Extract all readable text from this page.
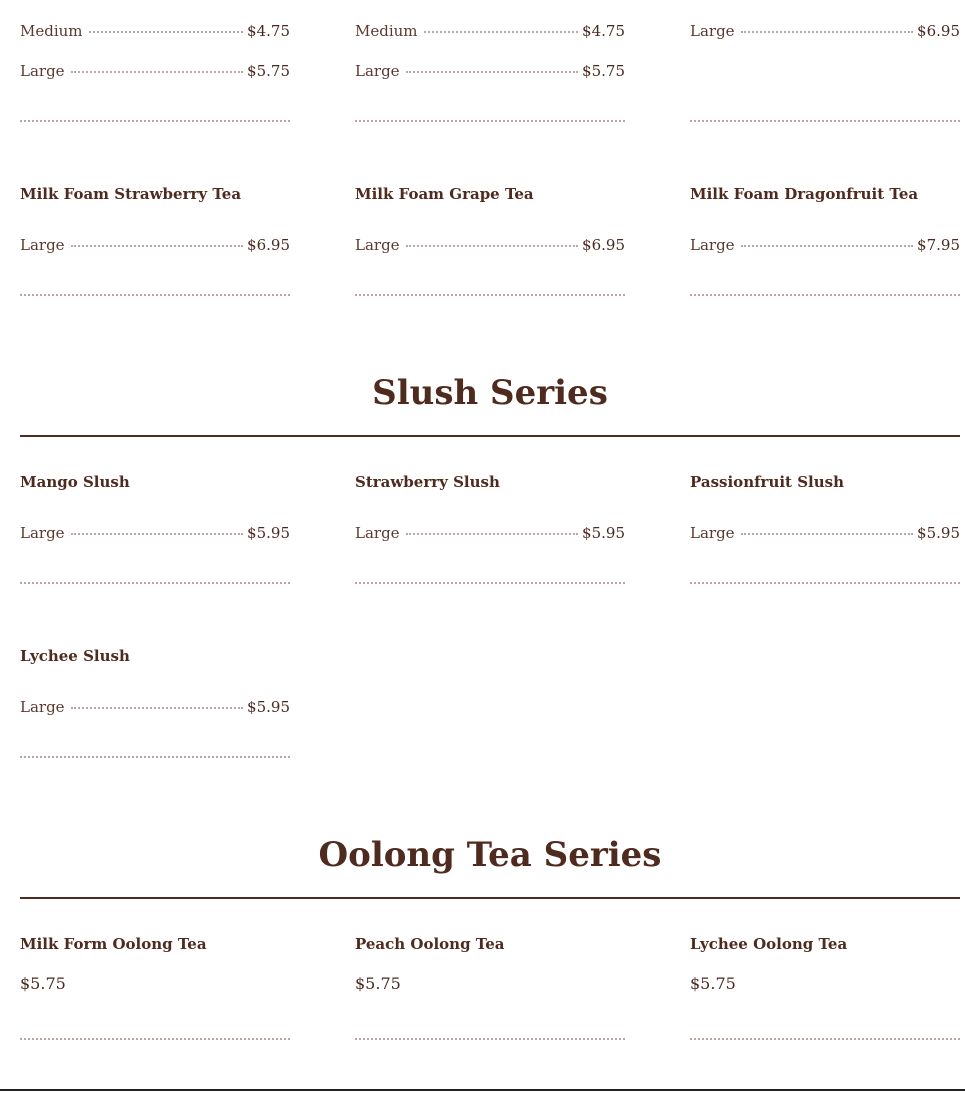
Medium	$4.75
Large	$5.75
Medium	$4.75
Large	$5.75
Large	$6.95
Milk Foam Strawberry Tea
Large	$6.95
Milk Foam Grape Tea
Large	$6.95
Milk Foam Dragonfruit Tea
Large	$7.95
Slush Series
Mango Slush
Large	$5.95
Strawberry Slush
Large	$5.95
Passionfruit Slush
Large	$5.95
Lychee Slush
Large	$5.95
Oolong Tea Series
Milk Form Oolong Tea
$5.75
Peach Oolong Tea
$5.75
Lychee Oolong Tea
$5.75
